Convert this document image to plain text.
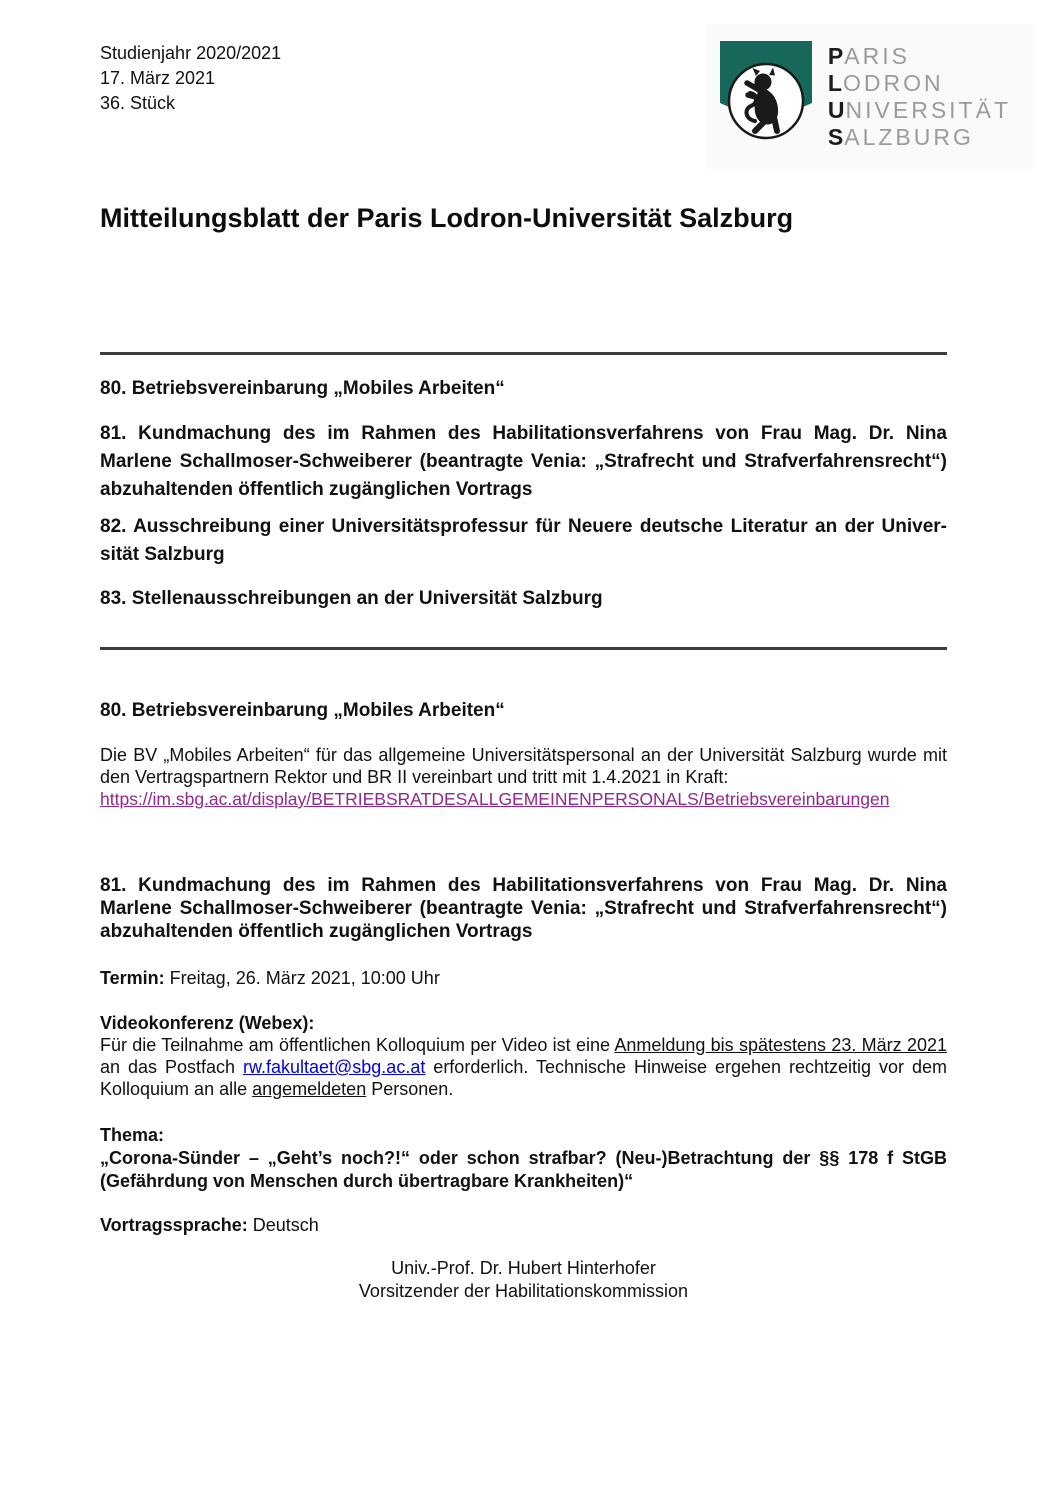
Studienjahr 2020/2021
17. März 2021
36. Stück
PARIS
LODRON
UNIVERSITÄT
SALZBURG
Mitteilungsblatt der Paris Lodron-Universität Salzburg

80. Betriebsvereinbarung „Mobiles Arbeiten“

81. Kundmachung des im Rahmen des Habilitationsverfahrens von Frau Mag. Dr. Nina Marlene Schallmoser-Schweiberer (beantragte Venia: „Strafrecht und Strafverfahrensrecht“) abzuhaltenden öffentlich zugänglichen Vortrags

82. Ausschreibung einer Universitätsprofessur für Neuere deutsche Literatur an der Universität Salzburg

83. Stellenausschreibungen an der Universität Salzburg

80. Betriebsvereinbarung „Mobiles Arbeiten“

Die BV „Mobiles Arbeiten“ für das allgemeine Universitätspersonal an der Universität Salzburg wurde mit den Vertragspartnern Rektor und BR II vereinbart und tritt mit 1.4.2021 in Kraft:
https://im.sbg.ac.at/display/BETRIEBSRATDESALLGEMEINENPERSONALS/Betriebsvereinbarungen

81. Kundmachung des im Rahmen des Habilitationsverfahrens von Frau Mag. Dr. Nina Marlene Schallmoser-Schweiberer (beantragte Venia: „Strafrecht und Strafverfahrensrecht“) abzuhaltenden öffentlich zugänglichen Vortrags

Termin: Freitag, 26. März 2021, 10:00 Uhr

Videokonferenz (Webex):

Für die Teilnahme am öffentlichen Kolloquium per Video ist eine Anmeldung bis spätestens 23. März 2021 an das Postfach rw.fakultaet@sbg.ac.at erforderlich. Technische Hinweise ergehen rechtzeitig vor dem Kolloquium an alle angemeldeten Personen.

Thema:
„Corona-Sünder – „Geht’s noch?!“ oder schon strafbar? (Neu-)Betrachtung der §§ 178 f StGB (Gefährdung von Menschen durch übertragbare Krankheiten)“

Vortragssprache: Deutsch

Univ.-Prof. Dr. Hubert Hinterhofer
Vorsitzender der Habilitationskommission
